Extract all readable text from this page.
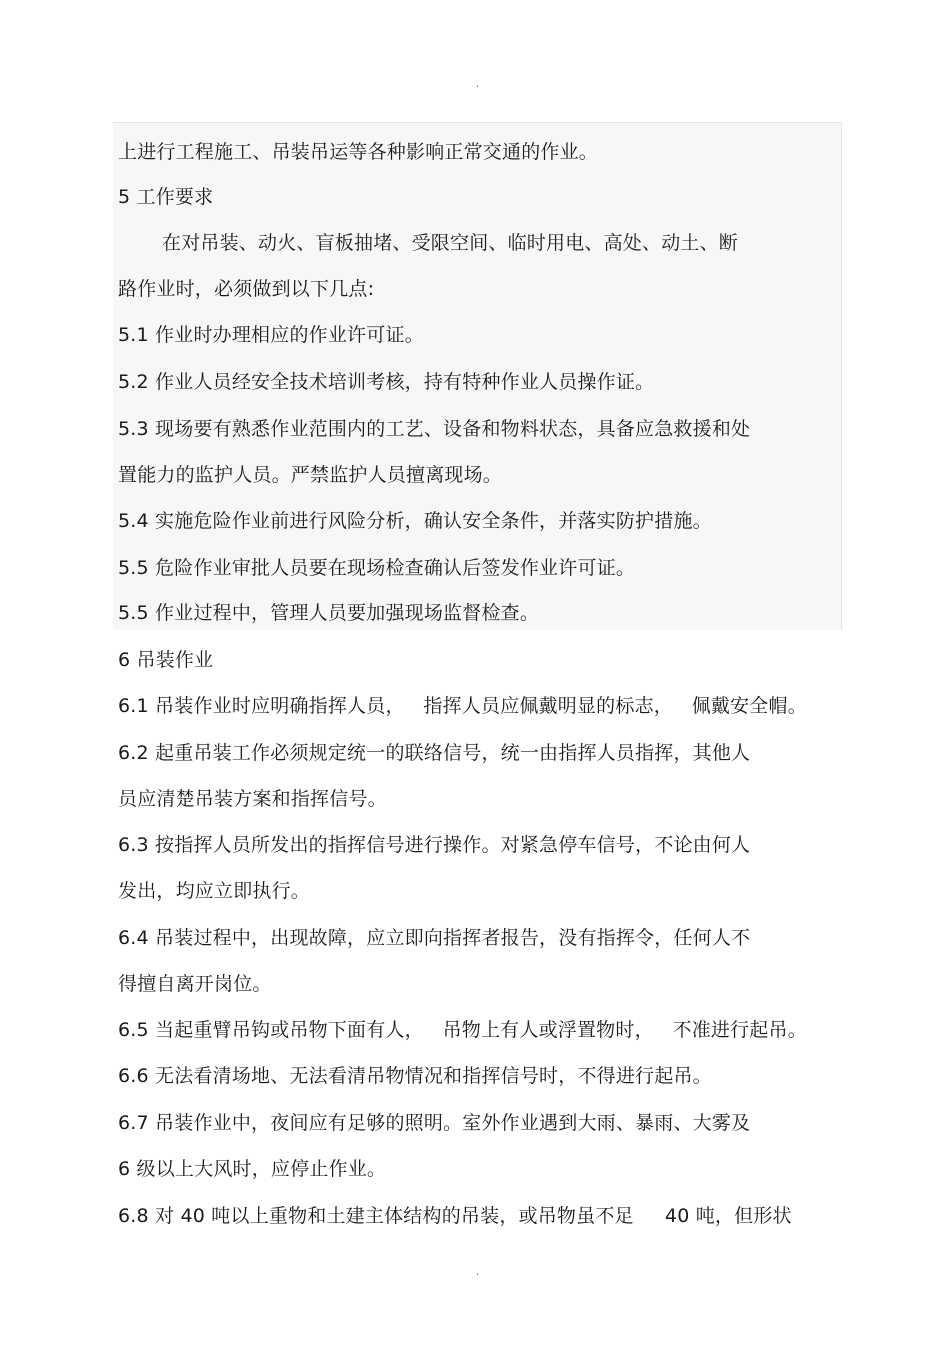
.
上进行工程施工、吊装吊运等各种影响正常交通的作业。
5 工作要求
在对吊装、动火、盲板抽堵、受限空间、临时用电、高处、动土、断
路作业时，必须做到以下几点:
5.1 作业时办理相应的作业许可证。
5.2 作业人员经安全技术培训考核，持有特种作业人员操作证。
5.3 现场要有熟悉作业范围内的工艺、设备和物料状态，具备应急救援和处
置能力的监护人员。严禁监护人员擅离现场。
5.4 实施危险作业前进行风险分析，确认安全条件，并落实防护措施。
5.5 危险作业审批人员要在现场检查确认后签发作业许可证。
5.5 作业过程中，管理人员要加强现场监督检查。
6 吊装作业
6.1 吊装作业时应明确指挥人员，   指挥人员应佩戴明显的标志，   佩戴安全帽。
6.2 起重吊装工作必须规定统一的联络信号，统一由指挥人员指挥，其他人
员应清楚吊装方案和指挥信号。
6.3 按指挥人员所发出的指挥信号进行操作。对紧急停车信号，不论由何人
发出，均应立即执行。
6.4 吊装过程中，出现故障，应立即向指挥者报告，没有指挥令，任何人不
得擅自离开岗位。
6.5 当起重臂吊钩或吊物下面有人，   吊物上有人或浮置物时，   不准进行起吊。
6.6 无法看清场地、无法看清吊物情况和指挥信号时，不得进行起吊。
6.7 吊装作业中，夜间应有足够的照明。室外作业遇到大雨、暴雨、大雾及
6 级以上大风时，应停止作业。
6.8 对 40 吨以上重物和土建主体结构的吊装，或吊物虽不足     40 吨，但形状
.
